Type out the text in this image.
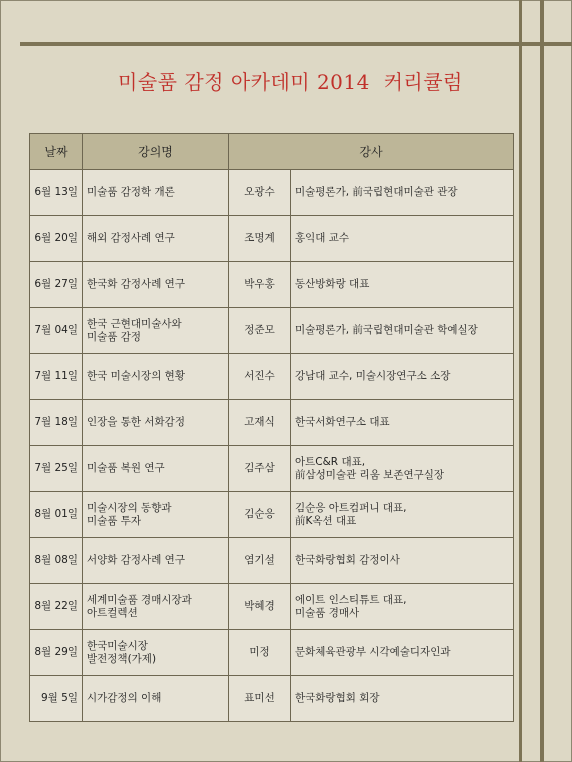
미술품 감정 아카데미 2014  커리큘럼
날짜	강의명	강사	

6월 13일	미술품 감정학 개론	오광수	미술평론가, 前국립현대미술관 관장

6월 20일	해외 감정사례 연구	조명계	홍익대 교수

6월 27일	한국화 감정사례 연구	박우홍	동산방화랑 대표

7월 04일	한국 근현대미술사와
미술품 감정	정준모	미술평론가, 前국립현대미술관 학예실장

7월 11일	한국 미술시장의 현황	서진수	강남대 교수, 미술시장연구소 소장

7월 18일	인장을 통한 서화감정	고재식	한국서화연구소 대표

7월 25일	미술품 복원 연구	김주삼	아트C&R 대표,
前삼성미술관 리움 보존연구실장

8월 01일	미술시장의 동향과
미술품 투자	김순응	김순응 아트컴퍼니 대표,
前K옥션 대표

8월 08일	서양화 감정사례 연구	염기설	한국화랑협회 감정이사

8월 22일	세계미술품 경매시장과
아트컬렉션	박혜경	에이트 인스티튜트 대표,
미술품 경매사

8월 29일	한국미술시장
발전정책(가제)	미정	문화체육관광부 시각예술디자인과

9월 5일	시가감정의 이해	표미선	한국화랑협회 회장
